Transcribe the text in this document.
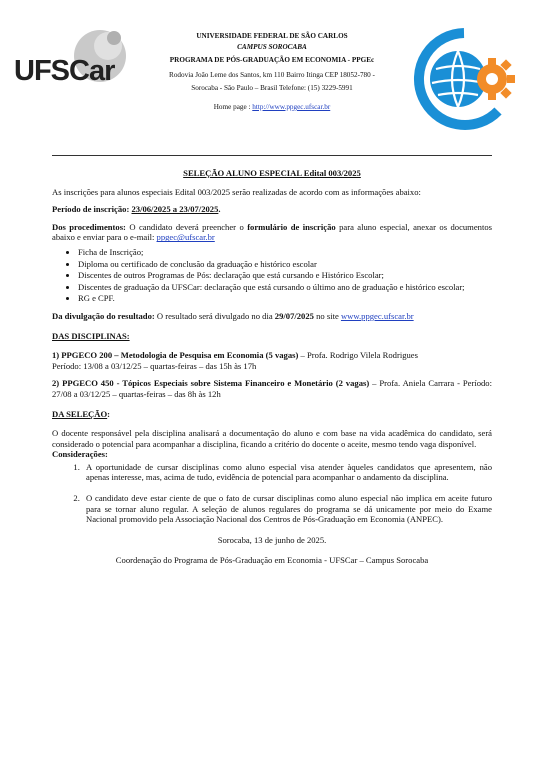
UFSCar
UNIVERSIDADE FEDERAL DE SÃO CARLOS
CAMPUS SOROCABA
PROGRAMA DE PÓS-GRADUAÇÃO EM ECONOMIA - PPGEc
Rodovia João Leme dos Santos, km 110 Bairro Itinga CEP 18052-780 -
Sorocaba - São Paulo – Brasil Telefone: (15) 3229-5991
Home page : http://www.ppgec.ufscar.br
SELEÇÃO ALUNO ESPECIAL Edital 003/2025

As inscrições para alunos especiais Edital 003/2025 serão realizadas de acordo com as informações abaixo:

Período de inscrição: 23/06/2025 a 23/07/2025.

Dos procedimentos: O candidato deverá preencher o formulário de inscrição para aluno especial, anexar os documentos abaixo e enviar para o e-mail: ppgec@ufscar.br

• Ficha de Inscrição;
• Diploma ou certificado de conclusão da graduação e histórico escolar
• Discentes de outros Programas de Pós: declaração que está cursando e Histórico Escolar;
• Discentes de graduação da UFSCar: declaração que está cursando o último ano de graduação e histórico escolar;
• RG e CPF.

Da divulgação do resultado: O resultado será divulgado no dia 29/07/2025 no site www.ppgec.ufscar.br

DAS DISCIPLINAS:

1) PPGECO 200 – Metodologia de Pesquisa em Economia (5 vagas) – Profa. Rodrigo Vilela Rodrigues
Período: 13/08 a 03/12/25 – quartas-feiras – das 15h às 17h

2) PPGECO 450 - Tópicos Especiais sobre Sistema Financeiro e Monetário (2 vagas) – Profa. Aniela Carrara - Período: 27/08 a 03/12/25 – quartas-feiras – das 8h às 12h

DA SELEÇÃO:

O docente responsável pela disciplina analisará a documentação do aluno e com base na vida acadêmica do candidato, será considerado o potencial para acompanhar a disciplina, ficando a critério do docente o aceite, mesmo tendo vaga disponível.

Considerações:
1. A oportunidade de cursar disciplinas como aluno especial visa atender àqueles candidatos que apresentem, não apenas interesse, mas, acima de tudo, evidência de potencial para acompanhar o andamento da disciplina.
2. O candidato deve estar ciente de que o fato de cursar disciplinas como aluno especial não implica em aceite futuro para se tornar aluno regular. A seleção de alunos regulares do programa se dá unicamente por meio do Exame Nacional promovido pela Associação Nacional dos Centros de Pós-Graduação em Economia (ANPEC).
Sorocaba, 13 de junho de 2025.
Coordenação do Programa de Pós-Graduação em Economia - UFSCar – Campus Sorocaba
